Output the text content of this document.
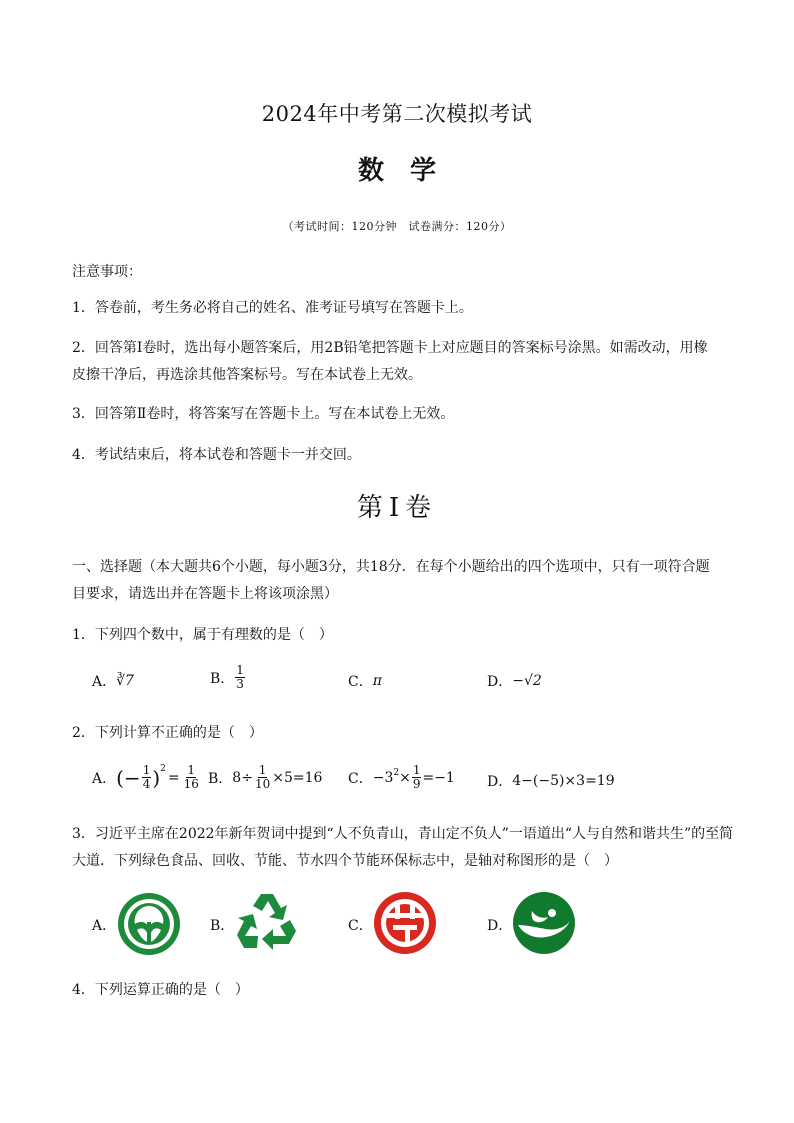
2024年中考第二次模拟考试
数学
（考试时间：120分钟　试卷满分：120分）
注意事项：
1．答卷前，考生务必将自己的姓名、准考证号填写在答题卡上。
2．回答第Ⅰ卷时，选出每小题答案后，用2B铅笔把答题卡上对应题目的答案标号涂黑。如需改动，用橡
皮擦干净后，再选涂其他答案标号。写在本试卷上无效。
3．回答第Ⅱ卷时，将答案写在答题卡上。写在本试卷上无效。
4．考试结束后，将本试卷和答题卡一并交回。
第Ⅰ卷
一、选择题（本大题共6个小题，每小题3分，共18分．在每个小题给出的四个选项中，只有一项符合题
目要求，请选出并在答题卡上将该项涂黑）
1．下列四个数中，属于有理数的是（　）
A． ∛7	B． $\frac{1}{3}$	C． π	D． −√2
2．下列计算不正确的是（　）
A． (− $\frac{1}{4} )^2$
= $\frac{1}{16}$ B． $8\div \frac{1}{10} \times 5=16$ C． $-3^2 \times \frac{1}{9} =-1$ D． 4−(−5)×3=19
3．习近平主席在2022年新年贺词中提到“人不负青山，青山定不负人”一语道出“人与自然和谐共生”的至简
大道．下列绿色食品、回收、节能、节水四个节能环保标志中，是轴对称图形的是（　）
A．	B．	C．	D．
4．下列运算正确的是（　）
